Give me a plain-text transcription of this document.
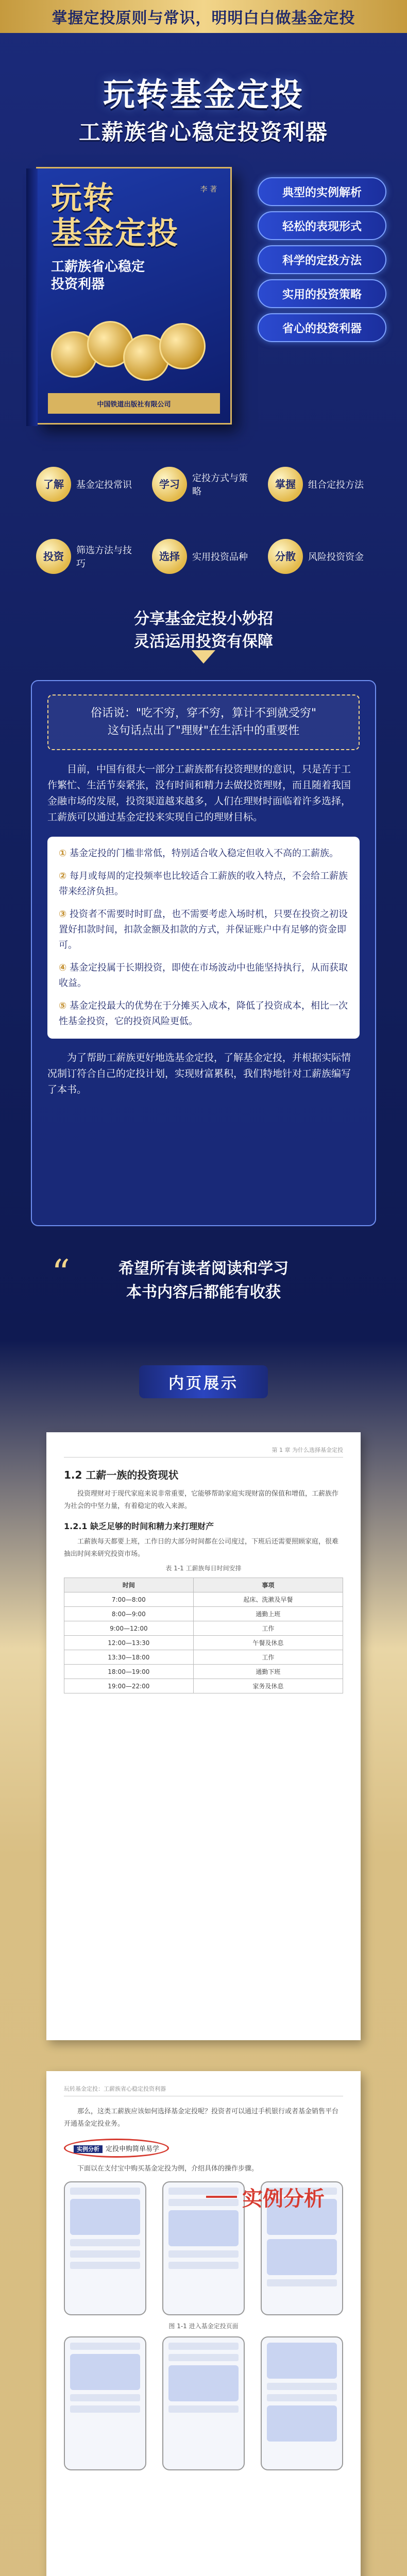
掌握定投原则与常识，明明白白做基金定投
玩转基金定投
工薪族省心稳定投资利器
李 著
玩转
基金定投
工薪族省心稳定
投资利器
中国铁道出版社有限公司
典型的实例解析
轻松的表现形式
科学的定投方法
实用的投资策略
省心的投资利器
了解	基金定投常识	学习	定投方式与策略
掌握	组合定投方法
投资	筛选方法与技巧
选择	实用投资品种	分散	风险投资资金
分享基金定投小妙招
灵活运用投资有保障
俗话说："吃不穷，穿不穷，算计不到就受穷"
这句话点出了"理财"在生活中的重要性
目前，中国有很大一部分工薪族都有投资理财的意识，只是苦于工作繁忙、生活节奏紧张，没有时间和精力去做投资理财，而且随着我国金融市场的发展，投资渠道越来越多，人们在理财时面临着许多选择，工薪族可以通过基金定投来实现自己的理财目标。
① 基金定投的门槛非常低，特别适合收入稳定但收入不高的工薪族。
② 每月或每周的定投频率也比较适合工薪族的收入特点，不会给工薪族带来经济负担。
③ 投资者不需要时时盯盘，也不需要考虑入场时机，只要在投资之初设置好扣款时间，扣款金额及扣款的方式，并保证账户中有足够的资金即可。
④ 基金定投属于长期投资，即使在市场波动中也能坚持执行，从而获取收益。
⑤ 基金定投最大的优势在于分摊买入成本，降低了投资成本，相比一次性基金投资，它的投资风险更低。
为了帮助工薪族更好地选基金定投，了解基金定投，并根据实际情况制订符合自己的定投计划，实现财富累积，我们特地针对工薪族编写了本书。
“	希望所有读者阅读和学习
本书内容后都能有收获
内页展示
第 1 章 为什么选择基金定投
1.2 工薪一族的投资现状

投资理财对于现代家庭来说非常重要，它能够帮助家庭实现财富的保值和增值，工薪族作为社会的中坚力量，有着稳定的收入来源。

1.2.1 缺乏足够的时间和精力来打理财产

工薪族每天都要上班，工作日的大部分时间都在公司度过，下班后还需要照顾家庭，很难抽出时间来研究投资市场。

表 1-1 工薪族每日时间安排
时间	事项
7:00—8:00	起床、洗漱及早餐
8:00—9:00	通勤上班
9:00—12:00	工作
12:00—13:30	午餐及休息
13:30—18:00	工作
18:00—19:00	通勤下班
19:00—22:00	家务及休息
玩转基金定投：工薪族省心稳定投资利器

那么，这类工薪族应该如何选择基金定投呢？投资者可以通过手机银行或者基金销售平台开通基金定投业务。

实例分析 定投申购简单易学

下面以在支付宝中购买基金定投为例，介绍具体的操作步骤。

图 1-1 进入基金定投页面
实例分析
